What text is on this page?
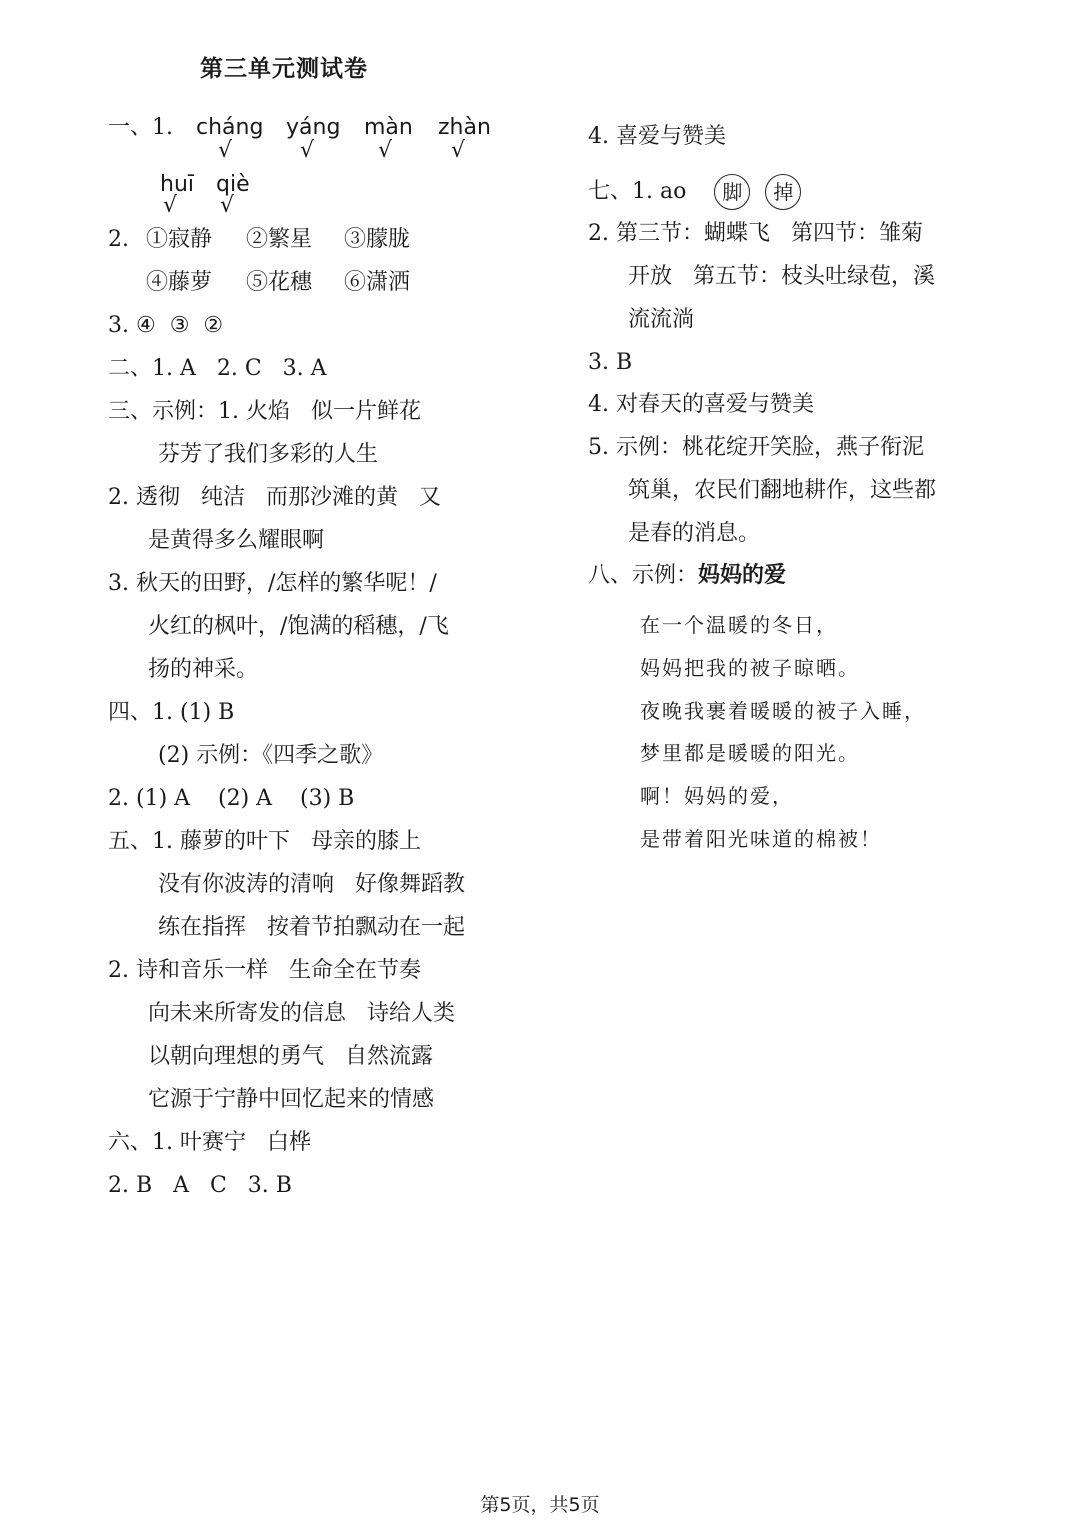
第三单元测试卷
一、1. cháng yáng màn zhàn
√	√	√	√
huī qiè
√ √
2. ①寂静 ②繁星 ③朦胧
④藤萝 ⑤花穗 ⑥潇洒
3. ④  ③  ②
二、1. A   2. C   3. A
三、示例：1. 火焰   似一片鲜花
芬芳了我们多彩的人生
2. 透彻   纯洁   而那沙滩的黄   又
是黄得多么耀眼啊
3. 秋天的田野，/怎样的繁华呢！/
火红的枫叶，/饱满的稻穗，/飞
扬的神采。
四、1. (1) B
(2) 示例：《四季之歌》
2. (1) A    (2) A    (3) B
五、1. 藤萝的叶下   母亲的膝上
没有你波涛的清响   好像舞蹈教
练在指挥   按着节拍飘动在一起
2. 诗和音乐一样   生命全在节奏
向未来所寄发的信息   诗给人类
以朝向理想的勇气   自然流露
它源于宁静中回忆起来的情感
六、1. 叶赛宁   白桦
2. B   A   C   3. B
4. 喜爱与赞美
七、1. ao 脚 掉
2. 第三节：蝴蝶飞   第四节：雏菊
开放   第五节：枝头吐绿苞，溪
流流淌
3. B
4. 对春天的喜爱与赞美
5. 示例：桃花绽开笑脸，燕子衔泥
筑巢，农民们翻地耕作，这些都
是春的消息。
八、示例：妈妈的爱
在一个温暖的冬日，
妈妈把我的被子晾晒。
夜晚我裹着暖暖的被子入睡，
梦里都是暖暖的阳光。
啊！妈妈的爱，
是带着阳光味道的棉被！
第5页，共5页
